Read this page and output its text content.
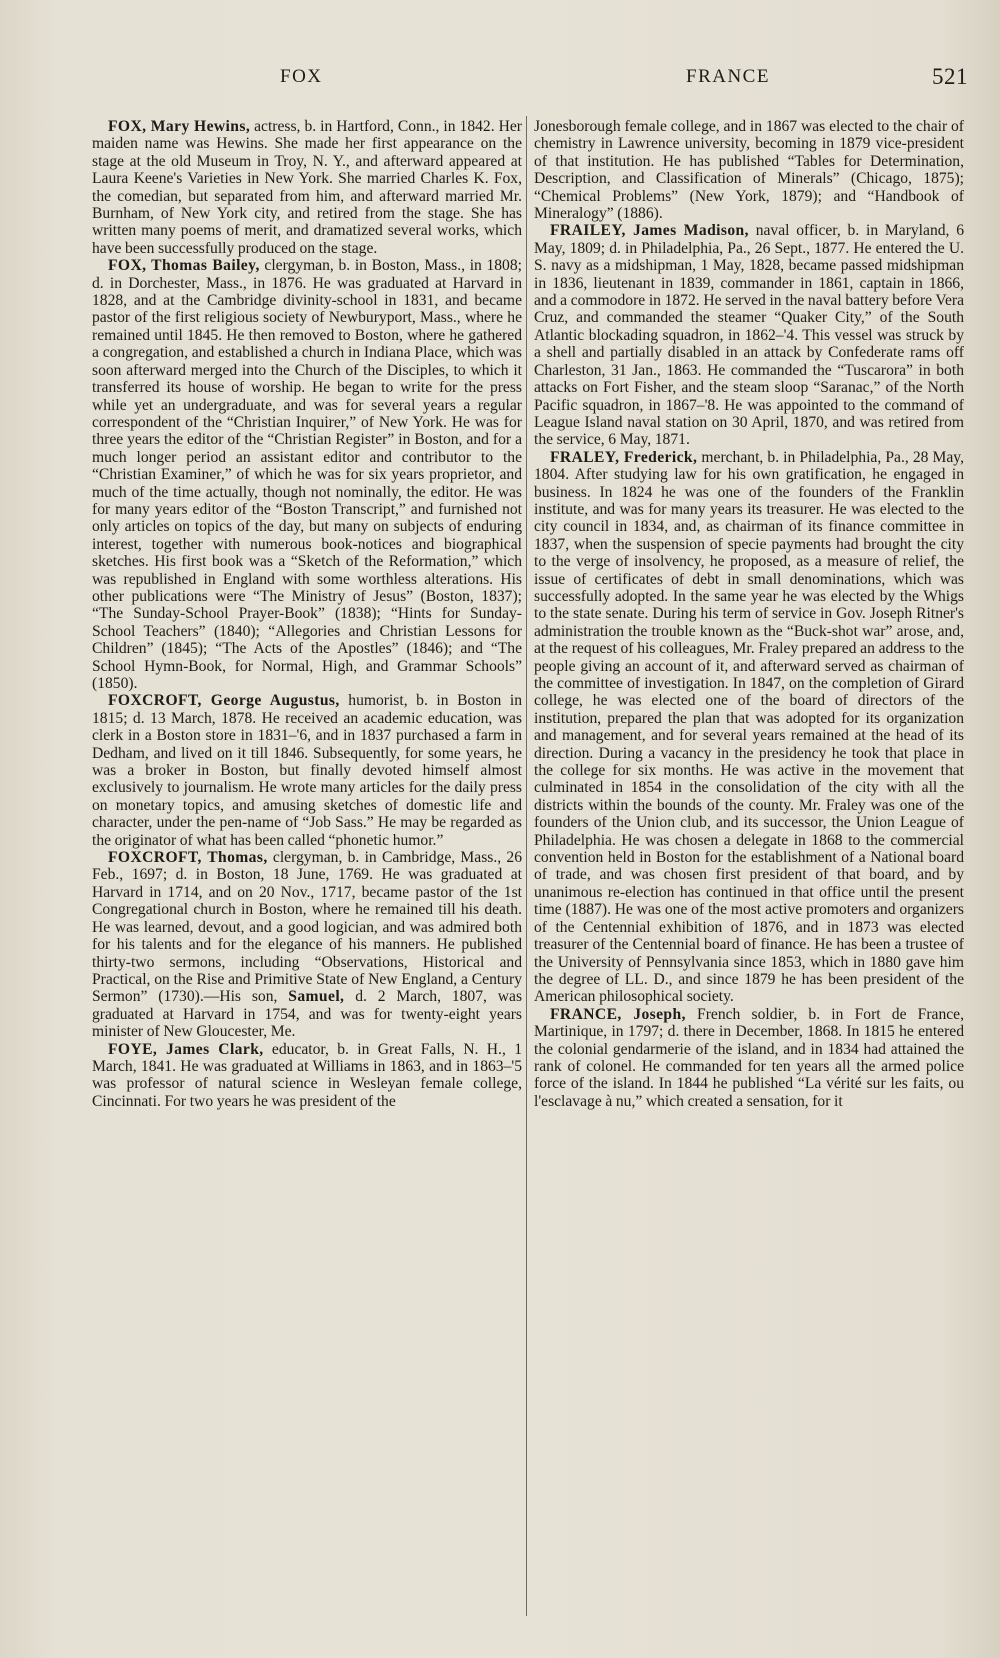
FOX	FRANCE	521

FOX, Mary Hewins, actress, b. in Hartford, Conn., in 1842. Her maiden name was Hewins. She made her first appearance on the stage at the old Museum in Troy, N. Y., and afterward appeared at Laura Keene's Varieties in New York. She married Charles K. Fox, the comedian, but separated from him, and afterward married Mr. Burnham, of New York city, and retired from the stage. She has written many poems of merit, and dramatized several works, which have been successfully produced on the stage.

FOX, Thomas Bailey, clergyman, b. in Boston, Mass., in 1808; d. in Dorchester, Mass., in 1876. He was graduated at Harvard in 1828, and at the Cambridge divinity-school in 1831, and became pastor of the first religious society of Newburyport, Mass., where he remained until 1845. He then removed to Boston, where he gathered a congregation, and established a church in Indiana Place, which was soon afterward merged into the Church of the Disciples, to which it transferred its house of worship. He began to write for the press while yet an undergraduate, and was for several years a regular correspondent of the “Christian Inquirer,” of New York. He was for three years the editor of the “Christian Register” in Boston, and for a much longer period an assistant editor and contributor to the “Christian Examiner,” of which he was for six years proprietor, and much of the time actually, though not nominally, the editor. He was for many years editor of the “Boston Transcript,” and furnished not only articles on topics of the day, but many on subjects of enduring interest, together with numerous book-notices and biographical sketches. His first book was a “Sketch of the Reformation,” which was republished in England with some worthless alterations. His other publications were “The Ministry of Jesus” (Boston, 1837); “The Sunday-School Prayer-Book” (1838); “Hints for Sunday-School Teachers” (1840); “Allegories and Christian Lessons for Children” (1845); “The Acts of the Apostles” (1846); and “The School Hymn-Book, for Normal, High, and Grammar Schools” (1850).

FOXCROFT, George Augustus, humorist, b. in Boston in 1815; d. 13 March, 1878. He received an academic education, was clerk in a Boston store in 1831–'6, and in 1837 purchased a farm in Dedham, and lived on it till 1846. Subsequently, for some years, he was a broker in Boston, but finally devoted himself almost exclusively to journalism. He wrote many articles for the daily press on monetary topics, and amusing sketches of domestic life and character, under the pen-name of “Job Sass.” He may be regarded as the originator of what has been called “phonetic humor.”

FOXCROFT, Thomas, clergyman, b. in Cambridge, Mass., 26 Feb., 1697; d. in Boston, 18 June, 1769. He was graduated at Harvard in 1714, and on 20 Nov., 1717, became pastor of the 1st Congregational church in Boston, where he remained till his death. He was learned, devout, and a good logician, and was admired both for his talents and for the elegance of his manners. He published thirty-two sermons, including “Observations, Historical and Practical, on the Rise and Primitive State of New England, a Century Sermon” (1730).—His son, Samuel, d. 2 March, 1807, was graduated at Harvard in 1754, and was for twenty-eight years minister of New Gloucester, Me.

FOYE, James Clark, educator, b. in Great Falls, N. H., 1 March, 1841. He was graduated at Williams in 1863, and in 1863–'5 was professor of natural science in Wesleyan female college, Cincinnati. For two years he was president of the

Jonesborough female college, and in 1867 was elected to the chair of chemistry in Lawrence university, becoming in 1879 vice-president of that institution. He has published “Tables for Determination, Description, and Classification of Minerals” (Chicago, 1875); “Chemical Problems” (New York, 1879); and “Handbook of Mineralogy” (1886).

FRAILEY, James Madison, naval officer, b. in Maryland, 6 May, 1809; d. in Philadelphia, Pa., 26 Sept., 1877. He entered the U. S. navy as a midshipman, 1 May, 1828, became passed midshipman in 1836, lieutenant in 1839, commander in 1861, captain in 1866, and a commodore in 1872. He served in the naval battery before Vera Cruz, and commanded the steamer “Quaker City,” of the South Atlantic blockading squadron, in 1862–'4. This vessel was struck by a shell and partially disabled in an attack by Confederate rams off Charleston, 31 Jan., 1863. He commanded the “Tuscarora” in both attacks on Fort Fisher, and the steam sloop “Saranac,” of the North Pacific squadron, in 1867–'8. He was appointed to the command of League Island naval station on 30 April, 1870, and was retired from the service, 6 May, 1871.

FRALEY, Frederick, merchant, b. in Philadelphia, Pa., 28 May, 1804. After studying law for his own gratification, he engaged in business. In 1824 he was one of the founders of the Franklin institute, and was for many years its treasurer. He was elected to the city council in 1834, and, as chairman of its finance committee in 1837, when the suspension of specie payments had brought the city to the verge of insolvency, he proposed, as a measure of relief, the issue of certificates of debt in small denominations, which was successfully adopted. In the same year he was elected by the Whigs to the state senate. During his term of service in Gov. Joseph Ritner's administration the trouble known as the “Buck-shot war” arose, and, at the request of his colleagues, Mr. Fraley prepared an address to the people giving an account of it, and afterward served as chairman of the committee of investigation. In 1847, on the completion of Girard college, he was elected one of the board of directors of the institution, prepared the plan that was adopted for its organization and management, and for several years remained at the head of its direction. During a vacancy in the presidency he took that place in the college for six months. He was active in the movement that culminated in 1854 in the consolidation of the city with all the districts within the bounds of the county. Mr. Fraley was one of the founders of the Union club, and its successor, the Union League of Philadelphia. He was chosen a delegate in 1868 to the commercial convention held in Boston for the establishment of a National board of trade, and was chosen first president of that board, and by unanimous re-election has continued in that office until the present time (1887). He was one of the most active promoters and organizers of the Centennial exhibition of 1876, and in 1873 was elected treasurer of the Centennial board of finance. He has been a trustee of the University of Pennsylvania since 1853, which in 1880 gave him the degree of LL. D., and since 1879 he has been president of the American philosophical society.

FRANCE, Joseph, French soldier, b. in Fort de France, Martinique, in 1797; d. there in December, 1868. In 1815 he entered the colonial gendarmerie of the island, and in 1834 had attained the rank of colonel. He commanded for ten years all the armed police force of the island. In 1844 he published “La vérité sur les faits, ou l'esclavage à nu,” which created a sensation, for it
